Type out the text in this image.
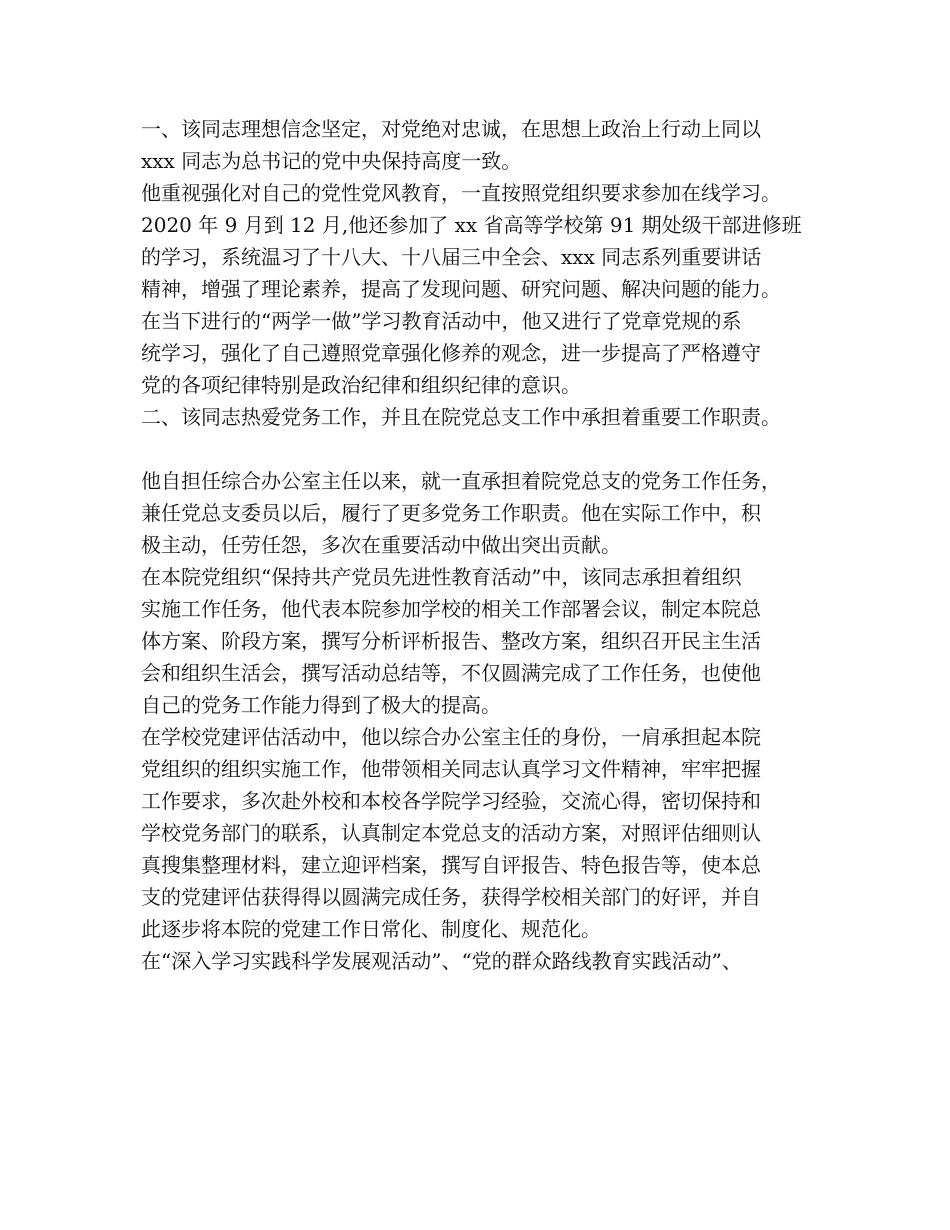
一、该同志理想信念坚定，对党绝对忠诚，在思想上政治上行动上同以
xxx 同志为总书记的党中央保持高度一致。
他重视强化对自己的党性党风教育，一直按照党组织要求参加在线学习。
2020 年 9 月到 12 月,他还参加了 xx 省高等学校第 91 期处级干部进修班
的学习，系统温习了十八大、十八届三中全会、xxx 同志系列重要讲话
精神，增强了理论素养，提高了发现问题、研究问题、解决问题的能力。
在当下进行的“两学一做”学习教育活动中，他又进行了党章党规的系
统学习，强化了自己遵照党章强化修养的观念，进一步提高了严格遵守
党的各项纪律特别是政治纪律和组织纪律的意识。
二、该同志热爱党务工作，并且在院党总支工作中承担着重要工作职责。
他自担任综合办公室主任以来，就一直承担着院党总支的党务工作任务，
兼任党总支委员以后，履行了更多党务工作职责。他在实际工作中，积
极主动，任劳任怨，多次在重要活动中做出突出贡献。
在本院党组织“保持共产党员先进性教育活动”中，该同志承担着组织
实施工作任务，他代表本院参加学校的相关工作部署会议，制定本院总
体方案、阶段方案，撰写分析评析报告、整改方案，组织召开民主生活
会和组织生活会，撰写活动总结等，不仅圆满完成了工作任务，也使他
自己的党务工作能力得到了极大的提高。
在学校党建评估活动中，他以综合办公室主任的身份，一肩承担起本院
党组织的组织实施工作，他带领相关同志认真学习文件精神，牢牢把握
工作要求，多次赴外校和本校各学院学习经验，交流心得，密切保持和
学校党务部门的联系，认真制定本党总支的活动方案，对照评估细则认
真搜集整理材料，建立迎评档案，撰写自评报告、特色报告等，使本总
支的党建评估获得得以圆满完成任务，获得学校相关部门的好评，并自
此逐步将本院的党建工作日常化、制度化、规范化。
在“深入学习实践科学发展观活动”、“党的群众路线教育实践活动”、
